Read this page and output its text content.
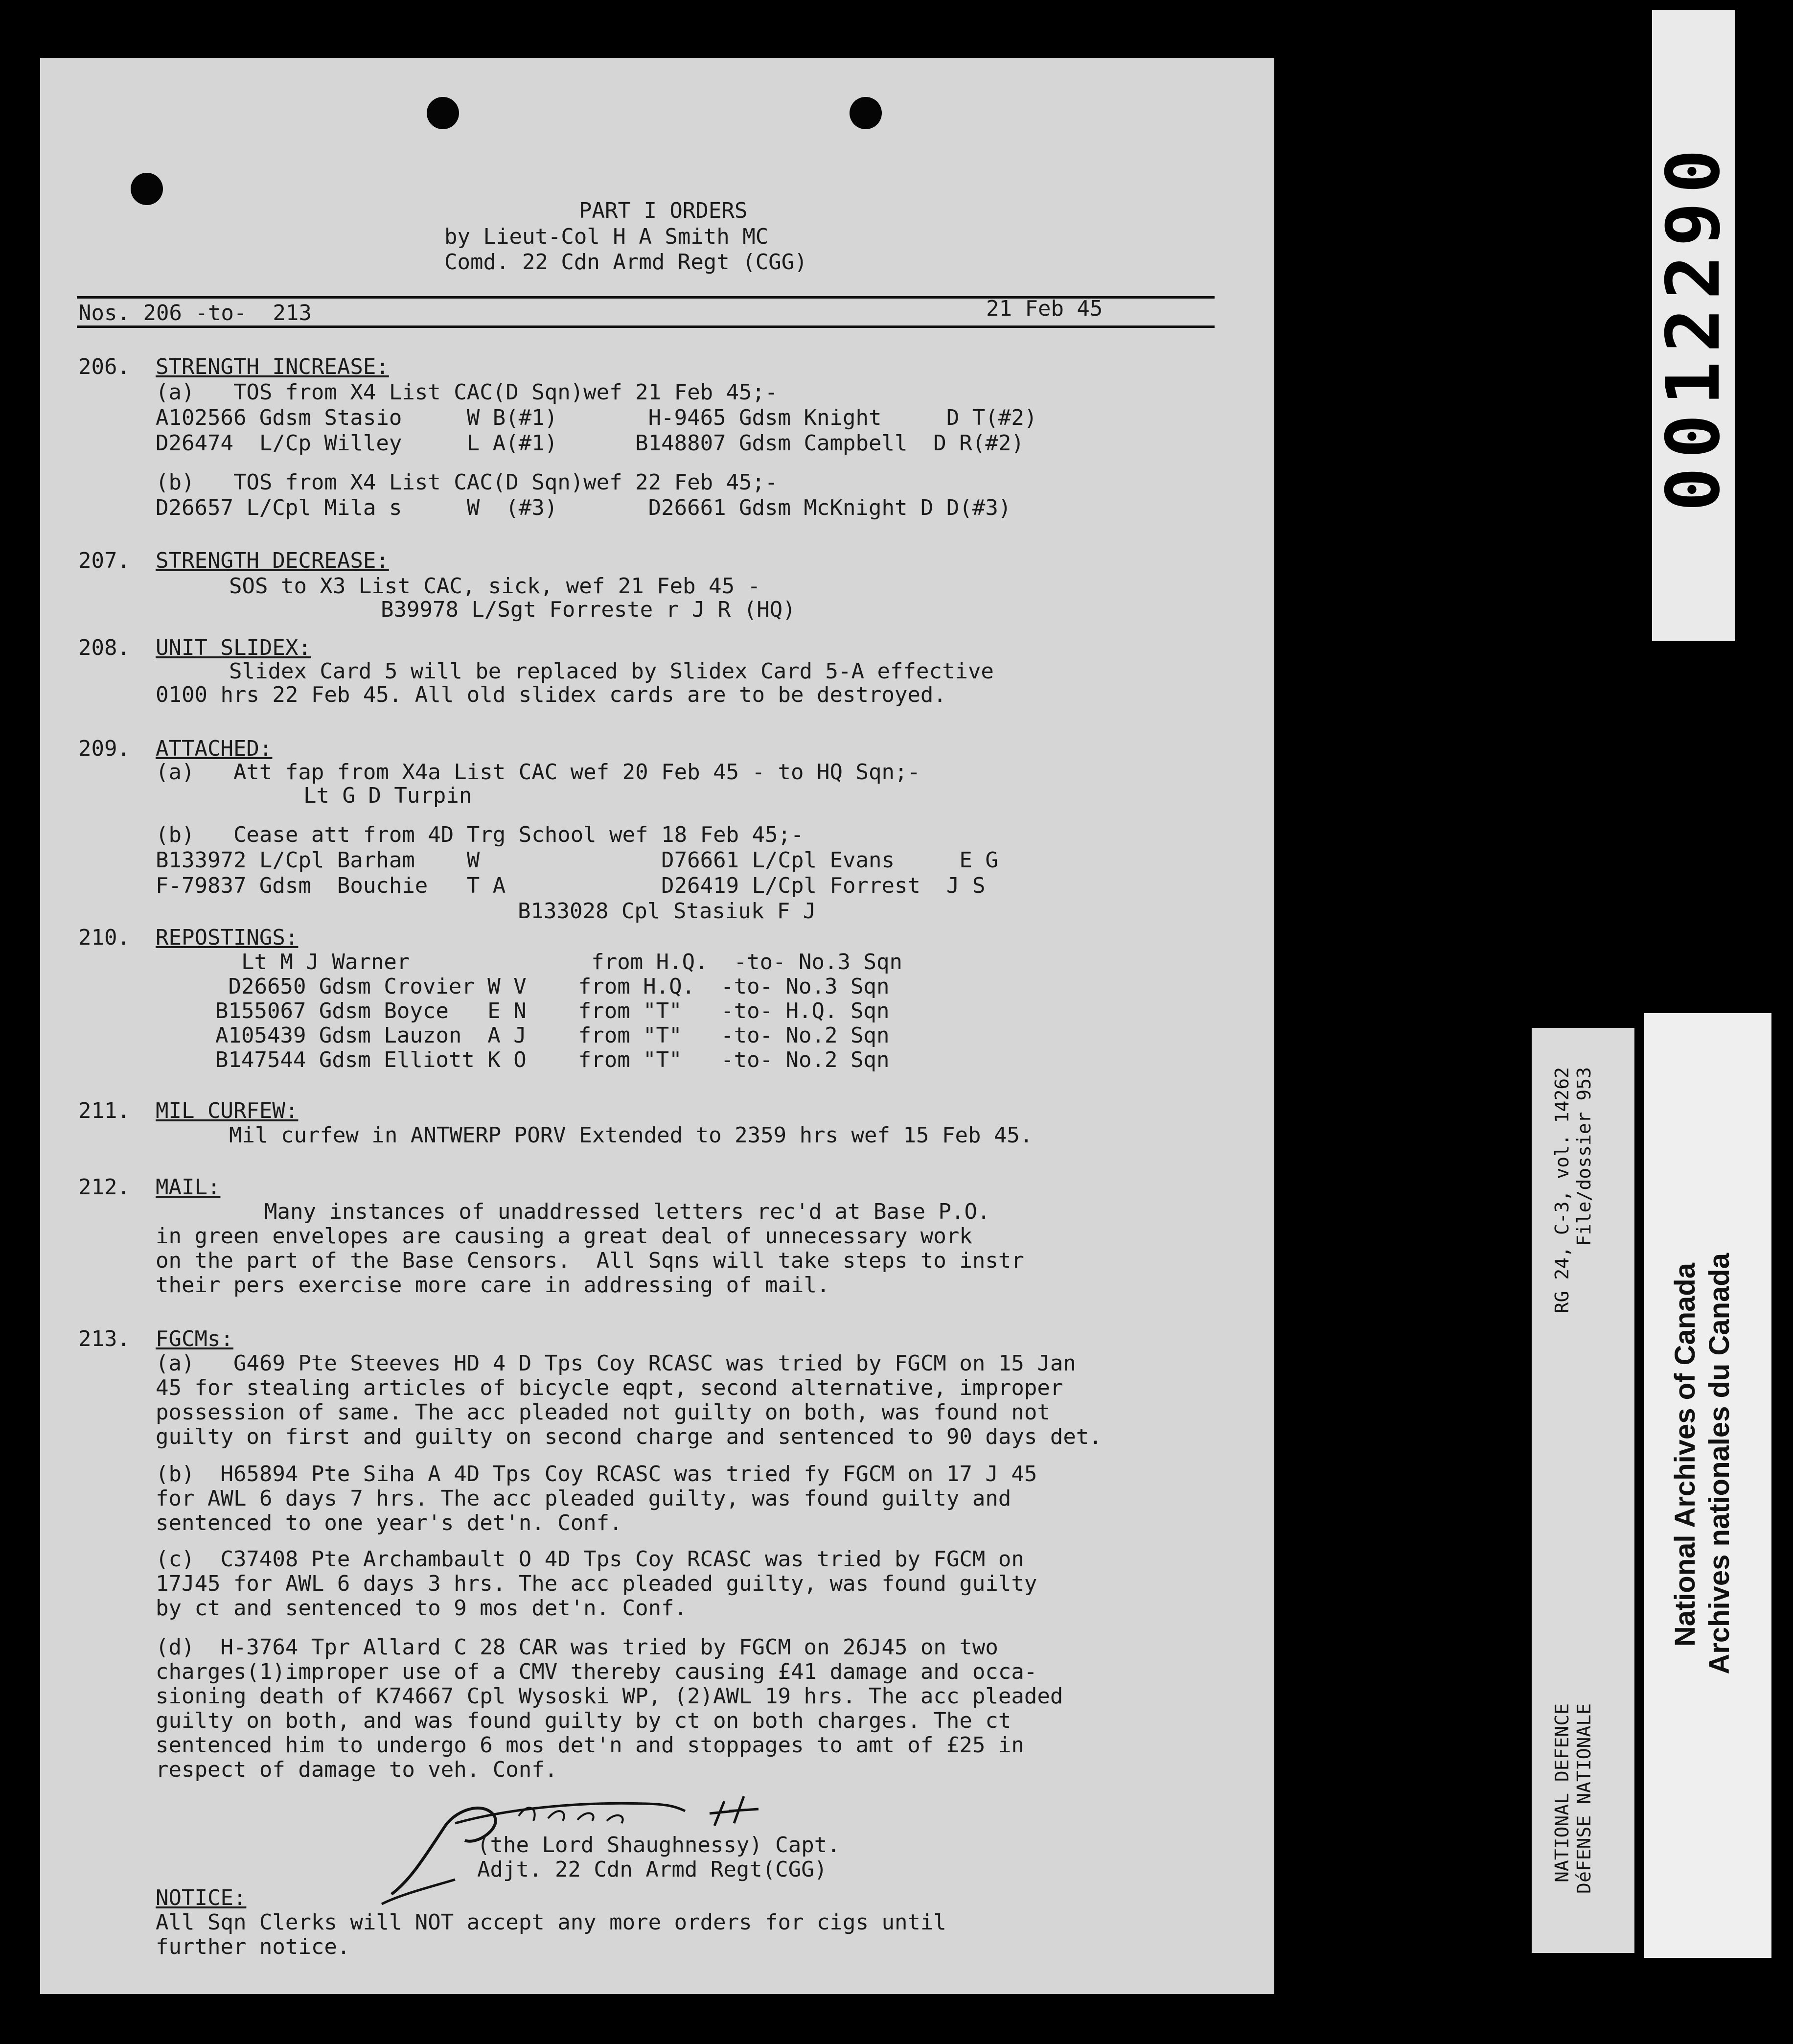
PART I ORDERS
by Lieut-Col H A Smith MC
Comd. 22 Cdn Armd Regt (CGG)
Nos. 206 -to-  213	21 Feb 45
206. STRENGTH INCREASE:
(a)   TOS from X4 List CAC(D Sqn)wef 21 Feb 45;-
A102566 Gdsm Stasio     W B(#1)       H-9465 Gdsm Knight     D T(#2)
D26474  L/Cp Willey     L A(#1)      B148807 Gdsm Campbell  D R(#2)
(b)   TOS from X4 List CAC(D Sqn)wef 22 Feb 45;-
D26657 L/Cpl Mila s     W  (#3)       D26661 Gdsm McKnight D D(#3)
207. STRENGTH DECREASE:
SOS to X3 List CAC, sick, wef 21 Feb 45 -
B39978 L/Sgt Forreste r J R (HQ)
208. UNIT SLIDEX:
Slidex Card 5 will be replaced by Slidex Card 5-A effective
0100 hrs 22 Feb 45. All old slidex cards are to be destroyed.
209. ATTACHED:
(a)   Att fap from X4a List CAC wef 20 Feb 45 - to HQ Sqn;-
Lt G D Turpin
(b)   Cease att from 4D Trg School wef 18 Feb 45;-
B133972 L/Cpl Barham    W              D76661 L/Cpl Evans     E G
F-79837 Gdsm  Bouchie   T A            D26419 L/Cpl Forrest  J S
B133028 Cpl Stasiuk F J
210. REPOSTINGS:
Lt M J Warner              from H.Q.  -to- No.3 Sqn
D26650 Gdsm Crovier W V    from H.Q.  -to- No.3 Sqn
B155067 Gdsm Boyce   E N    from "T"   -to- H.Q. Sqn
A105439 Gdsm Lauzon  A J    from "T"   -to- No.2 Sqn
B147544 Gdsm Elliott K O    from "T"   -to- No.2 Sqn
211. MIL CURFEW:
Mil curfew in ANTWERP PORV Extended to 2359 hrs wef 15 Feb 45.
212. MAIL:
Many instances of unaddressed letters rec'd at Base P.O.
in green envelopes are causing a great deal of unnecessary work
on the part of the Base Censors.  All Sqns will take steps to instr
their pers exercise more care in addressing of mail.
213. FGCMs:
(a)   G469 Pte Steeves HD 4 D Tps Coy RCASC was tried by FGCM on 15 Jan
45 for stealing articles of bicycle eqpt, second alternative, improper
possession of same. The acc pleaded not guilty on both, was found not
guilty on first and guilty on second charge and sentenced to 90 days det.
(b)  H65894 Pte Siha A 4D Tps Coy RCASC was tried fy FGCM on 17 J 45
for AWL 6 days 7 hrs. The acc pleaded guilty, was found guilty and
sentenced to one year's det'n. Conf.
(c)  C37408 Pte Archambault O 4D Tps Coy RCASC was tried by FGCM on
17J45 for AWL 6 days 3 hrs. The acc pleaded guilty, was found guilty
by ct and sentenced to 9 mos det'n. Conf.
(d)  H-3764 Tpr Allard C 28 CAR was tried by FGCM on 26J45 on two
charges(1)improper use of a CMV thereby causing £41 damage and occa-
sioning death of K74667 Cpl Wysoski WP, (2)AWL 19 hrs. The acc pleaded
guilty on both, and was found guilty by ct on both charges. The ct
sentenced him to undergo 6 mos det'n and stoppages to amt of £25 in
respect of damage to veh. Conf.
(the Lord Shaughnessy) Capt.
Adjt. 22 Cdn Armd Regt(CGG)
NOTICE:
All Sqn Clerks will NOT accept any more orders for cigs until
further notice.
0012290
RG 24, C-3, vol. 14262 File/dossier 953
NATIONAL DEFENCE DéFENSE NATIONALE
National Archives of Canada Archives nationales du Canada
